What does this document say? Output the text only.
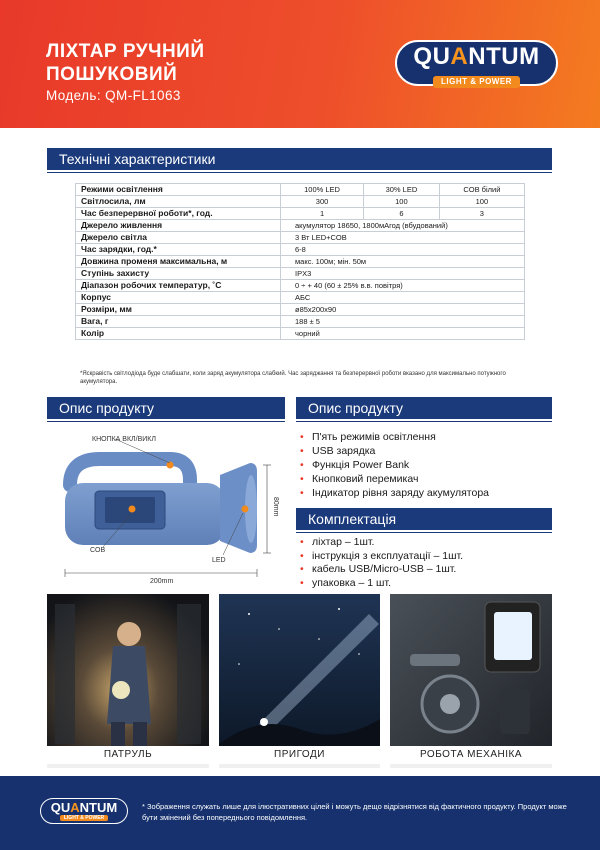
ЛІХТАР РУЧНИЙ
ПОШУКОВИЙ
Модель: QM-FL1063
QUANTUM
LIGHT & POWER
Технічні характеристики
Режими освітлення	100% LED	30% LED	COB білий
Світлосила, лм	300	100	100
Час безперервної роботи*, год.	1	6	3
Джерело живлення	акумулятор 18650, 1800мАгод (вбудований)		
Джерело світла	3 Вт LED+COB		
Час зарядки, год.*	6-8		
Довжина променя максимальна, м	макс. 100м; мін. 50м		
Ступінь захисту	IPX3		
Діапазон робочих температур, ˚C	0 ÷ + 40 (60 ± 25% в.в. повітря)		
Корпус	АБС		
Розміри, мм	ø85х200х90		
Вага, г	188 ± 5		
Колір	чорний		
*Яскравість світлодіода буде слабшати, коли заряд акумулятора слабкий. Час заряджання та безперервної роботи вказано для максимально потужного акумулятора.
Опис продукту	Опис продукту
КНОПКА ВКЛ/ВИКЛ
COB
LED
200mm
80mm
• П'ять режимів освітлення
• USB зарядка
• Функція Power Bank
• Кнопковий перемикач
• Індикатор рівня заряду акумулятора
Комплектація
• ліхтар – 1шт.
• інструкція з експлуатації – 1шт.
• кабель USB/Micro-USB – 1шт.
• упаковка – 1 шт.
ПАТРУЛЬ	ПРИГОДИ	РОБОТА МЕХАНІКА
QUANTUM
LIGHT & POWER
* Зображення служать лише для ілюстративних цілей і можуть дещо відрізнятися від фактичного продукту. Продукт може бути змінений без попереднього повідомлення.
